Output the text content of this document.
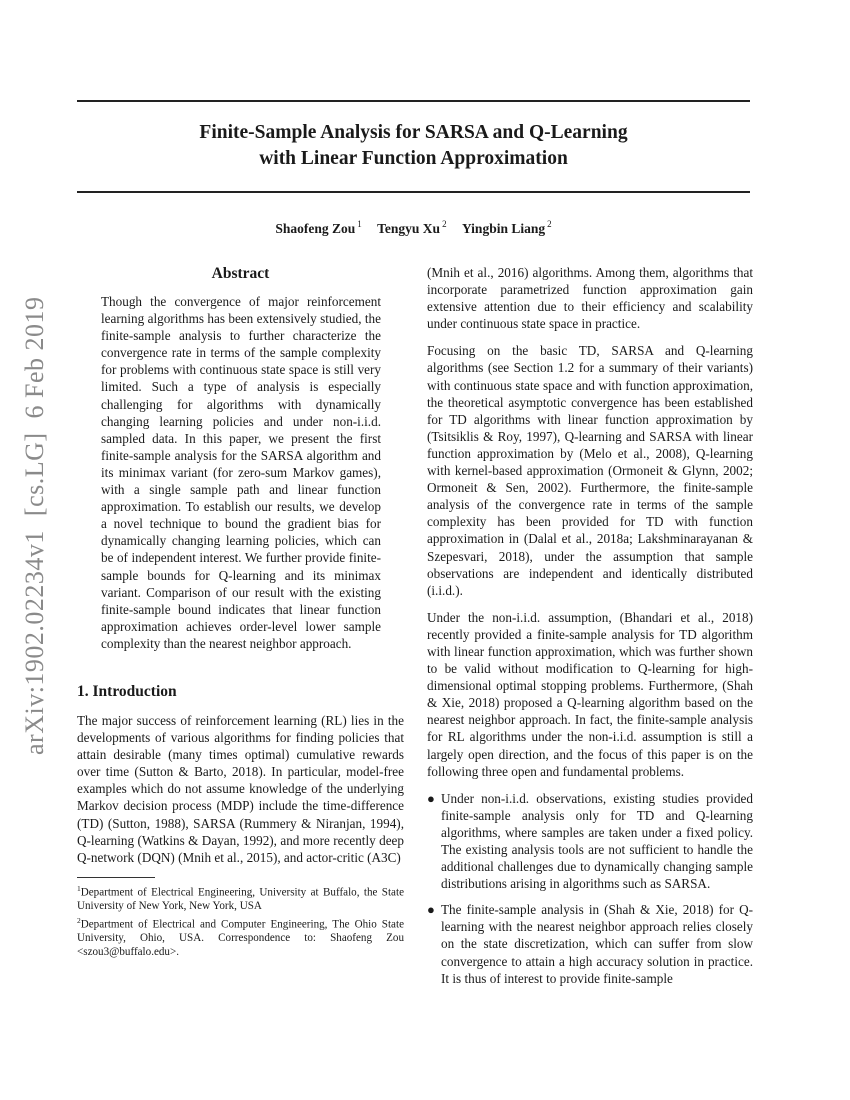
Finite-Sample Analysis for SARSA and Q-Learning
with Linear Function Approximation
Shaofeng Zou $^1$ Tengyu Xu $^2$ Yingbin Liang $^2$
arXiv:1902.02234v1[cs.LG]6 Feb 2019
Abstract
Though the convergence of major reinforcement learning algorithms has been extensively studied, the finite-sample analysis to further characterize the convergence rate in terms of the sample complexity for problems with continuous state space is still very limited. Such a type of analysis is especially challenging for algorithms with dynamically changing learning policies and under non-i.i.d. sampled data. In this paper, we present the first finite-sample analysis for the SARSA algorithm and its minimax variant (for zero-sum Markov games), with a single sample path and linear function approximation. To establish our results, we develop a novel technique to bound the gradient bias for dynamically changing learning policies, which can be of independent interest. We further provide finite-sample bounds for Q-learning and its minimax variant. Comparison of our result with the existing finite-sample bound indicates that linear function approximation achieves order-level lower sample complexity than the nearest neighbor approach.
1. Introduction

The major success of reinforcement learning (RL) lies in the developments of various algorithms for finding policies that attain desirable (many times optimal) cumulative rewards over time (Sutton & Barto, 2018). In particular, model-free examples which do not assume knowledge of the underlying Markov decision process (MDP) include the time-difference (TD) (Sutton, 1988), SARSA (Rummery & Niranjan, 1994), Q-learning (Watkins & Dayan, 1992), and more recently deep Q-network (DQN) (Mnih et al., 2015), and actor-critic (A3C)

$^1$Department of Electrical Engineering, University at Buffalo, the State University of New York, New York, USA
$^2$Department of Electrical and Computer Engineering, The Ohio State University, Ohio, USA. Correspondence to: Shaofeng Zou <szou3@buffalo.edu>.

(Mnih et al., 2016) algorithms. Among them, algorithms that incorporate parametrized function approximation gain extensive attention due to their efficiency and scalability under continuous state space in practice.

Focusing on the basic TD, SARSA and Q-learning algorithms (see Section 1.2 for a summary of their variants) with continuous state space and with function approximation, the theoretical asymptotic convergence has been established for TD algorithms with linear function approximation by (Tsitsiklis & Roy, 1997), Q-learning and SARSA with linear function approximation by (Melo et al., 2008), Q-learning with kernel-based approximation (Ormoneit & Glynn, 2002; Ormoneit & Sen, 2002). Furthermore, the finite-sample analysis of the convergence rate in terms of the sample complexity has been provided for TD with function approximation in (Dalal et al., 2018a; Lakshminarayanan & Szepesvari, 2018), under the assumption that sample observations are independent and identically distributed (i.i.d.).

Under the non-i.i.d. assumption, (Bhandari et al., 2018) recently provided a finite-sample analysis for TD algorithm with linear function approximation, which was further shown to be valid without modification to Q-learning for high-dimensional optimal stopping problems. Furthermore, (Shah & Xie, 2018) proposed a Q-learning algorithm based on the nearest neighbor approach. In fact, the finite-sample analysis for RL algorithms under the non-i.i.d. assumption is still a largely open direction, and the focus of this paper is on the following three open and fundamental problems.

● Under non-i.i.d. observations, existing studies provided finite-sample analysis only for TD and Q-learning algorithms, where samples are taken under a fixed policy. The existing analysis tools are not sufficient to handle the additional challenges due to dynamically changing sample distributions arising in algorithms such as SARSA.
● The finite-sample analysis in (Shah & Xie, 2018) for Q-learning with the nearest neighbor approach relies closely on the state discretization, which can suffer from slow convergence to attain a high accuracy solution in practice. It is thus of interest to provide finite-sample
